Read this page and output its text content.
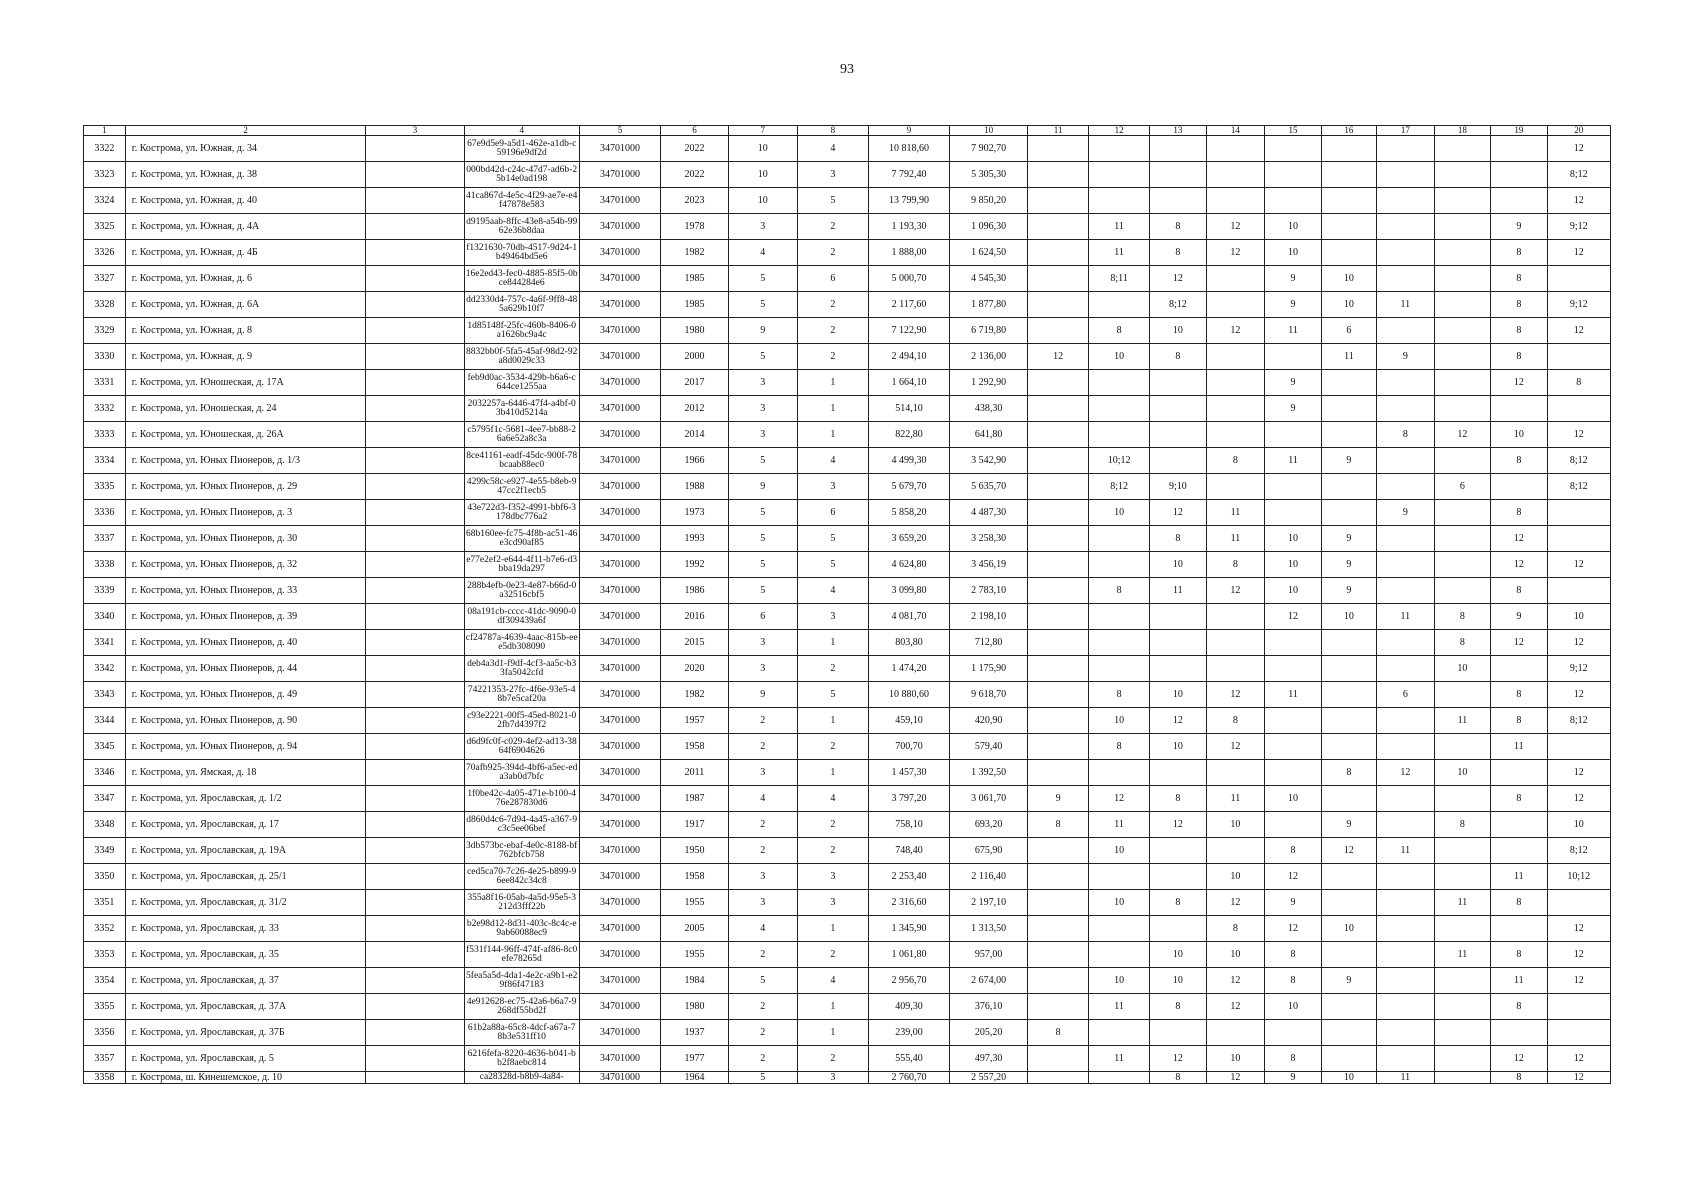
93
1	2	3	4	5	6	7	8	9	10	11	12	13	14	15	16	17	18	19	20
3322	г. Кострома, ул. Южная, д. 34		67e9d5e9-a5d1-462e-a1db-c59196e9df2d	34701000	2022	10	4	10 818,60	7 902,70										12
3323	г. Кострома, ул. Южная, д. 38		000bd42d-c24c-47d7-ad6b-25b14e0ad198	34701000	2022	10	3	7 792,40	5 305,30										8;12
3324	г. Кострома, ул. Южная, д. 40		41ca867d-4e5c-4f29-ae7e-e4f47878e583	34701000	2023	10	5	13 799,90	9 850,20										12
3325	г. Кострома, ул. Южная, д. 4А		d9195aab-8ffc-43e8-a54b-9962e36b8daa	34701000	1978	3	2	1 193,30	1 096,30		11	8	12	10				9	9;12
3326	г. Кострома, ул. Южная, д. 4Б		f1321630-70db-4517-9d24-1b49464bd5e6	34701000	1982	4	2	1 888,00	1 624,50		11	8	12	10				8	12
3327	г. Кострома, ул. Южная, д. 6		16e2ed43-fec0-4885-85f5-0bce844284e6	34701000	1985	5	6	5 000,70	4 545,30		8;11	12		9	10			8	
3328	г. Кострома, ул. Южная, д. 6А		dd2330d4-757c-4a6f-9ff8-485a629b10f7	34701000	1985	5	2	2 117,60	1 877,80			8;12		9	10	11		8	9;12
3329	г. Кострома, ул. Южная, д. 8		1d85148f-25fc-460b-8406-0a1626bc9a4c	34701000	1980	9	2	7 122,90	6 719,80		8	10	12	11	6			8	12
3330	г. Кострома, ул. Южная, д. 9		8832bb0f-5fa5-45af-98d2-92a8d0029c33	34701000	2000	5	2	2 494,10	2 136,00	12	10	8			11	9		8	
3331	г. Кострома, ул. Юношеская, д. 17А		feb9d0ac-3534-429b-b6a6-c644ce1255aa	34701000	2017	3	1	1 664,10	1 292,90					9				12	8
3332	г. Кострома, ул. Юношеская, д. 24		2032257a-6446-47f4-a4bf-03b410d5214a	34701000	2012	3	1	514,10	438,30					9					
3333	г. Кострома, ул. Юношеская, д. 26А		c5795f1c-5681-4ee7-bb88-26a6e52a8c3a	34701000	2014	3	1	822,80	641,80							8	12	10	12
3334	г. Кострома, ул. Юных Пионеров, д. 1/3		8ce41161-eadf-45dc-900f-78bcaab88ec0	34701000	1966	5	4	4 499,30	3 542,90		10;12		8	11	9			8	8;12
3335	г. Кострома, ул. Юных Пионеров, д. 29		4299c58c-e927-4e55-b8eb-947cc2f1ecb5	34701000	1988	9	3	5 679,70	5 635,70		8;12	9;10					6		8;12
3336	г. Кострома, ул. Юных Пионеров, д. 3		43e722d3-f352-4991-bbf6-3178dbc776a2	34701000	1973	5	6	5 858,20	4 487,30		10	12	11			9		8	
3337	г. Кострома, ул. Юных Пионеров, д. 30		68b160ee-fc75-4f8b-ac51-46e3cd90af85	34701000	1993	5	5	3 659,20	3 258,30			8	11	10	9			12	
3338	г. Кострома, ул. Юных Пионеров, д. 32		e77e2ef2-e644-4f11-b7e6-d3bba19da297	34701000	1992	5	5	4 624,80	3 456,19			10	8	10	9			12	12
3339	г. Кострома, ул. Юных Пионеров, д. 33		288b4efb-0e23-4e87-b66d-0a32516cbf5	34701000	1986	5	4	3 099,80	2 783,10		8	11	12	10	9			8	
3340	г. Кострома, ул. Юных Пионеров, д. 39		08a191cb-cccc-41dc-9090-0df309439a6f	34701000	2016	6	3	4 081,70	2 198,10					12	10	11	8	9	10
3341	г. Кострома, ул. Юных Пионеров, д. 40		cf24787a-4639-4aac-815b-eee5db308090	34701000	2015	3	1	803,80	712,80								8	12	12
3342	г. Кострома, ул. Юных Пионеров, д. 44		deb4a3d1-f9df-4cf3-aa5c-b33fa5042cfd	34701000	2020	3	2	1 474,20	1 175,90								10		9;12
3343	г. Кострома, ул. Юных Пионеров, д. 49		74221353-27fc-4f6e-93e5-48b7e5caf20a	34701000	1982	9	5	10 880,60	9 618,70		8	10	12	11		6		8	12
3344	г. Кострома, ул. Юных Пионеров, д. 90		c93e2221-00f5-45ed-8021-02fb7d4397f2	34701000	1957	2	1	459,10	420,90		10	12	8				11	8	8;12
3345	г. Кострома, ул. Юных Пионеров, д. 94		d6d9fc0f-c029-4ef2-ad13-3864f6904626	34701000	1958	2	2	700,70	579,40		8	10	12					11	
3346	г. Кострома, ул. Ямская, д. 18		70afb925-394d-4bf6-a5ec-eda3ab0d7bfc	34701000	2011	3	1	1 457,30	1 392,50						8	12	10		12
3347	г. Кострома, ул. Ярославская, д. 1/2		1f0be42c-4a05-471e-b100-476e287830d6	34701000	1987	4	4	3 797,20	3 061,70	9	12	8	11	10				8	12
3348	г. Кострома, ул. Ярославская, д. 17		d860d4c6-7d94-4a45-a367-9c3c5ee06bef	34701000	1917	2	2	758,10	693,20	8	11	12	10		9		8		10
3349	г. Кострома, ул. Ярославская, д. 19А		3db573bc-ebaf-4e0c-8188-bf762bfcb758	34701000	1950	2	2	748,40	675,90		10			8	12	11			8;12
3350	г. Кострома, ул. Ярославская, д. 25/1		ced5ca70-7c26-4e25-b899-96ee842c34c8	34701000	1958	3	3	2 253,40	2 116,40				10	12				11	10;12
3351	г. Кострома, ул. Ярославская, д. 31/2		355a8f16-05ab-4a5d-95e5-3212d3fff22b	34701000	1955	3	3	2 316,60	2 197,10		10	8	12	9			11	8	
3352	г. Кострома, ул. Ярославская, д. 33		b2e98d12-8d31-403c-8c4c-e9ab60088ec9	34701000	2005	4	1	1 345,90	1 313,50				8	12	10				12
3353	г. Кострома, ул. Ярославская, д. 35		f531f144-96ff-474f-af86-8c0efe78265d	34701000	1955	2	2	1 061,80	957,00			10	10	8			11	8	12
3354	г. Кострома, ул. Ярославская, д. 37		5fea5a5d-4da1-4e2c-a9b1-e29f86f47183	34701000	1984	5	4	2 956,70	2 674,00		10	10	12	8	9			11	12
3355	г. Кострома, ул. Ярославская, д. 37А		4e912628-ec75-42a6-b6a7-9268df55bd2f	34701000	1980	2	1	409,30	376,10		11	8	12	10				8	
3356	г. Кострома, ул. Ярославская, д. 37Б		61b2a88a-65c8-4dcf-a67a-78b3e531ff10	34701000	1937	2	1	239,00	205,20	8									
3357	г. Кострома, ул. Ярославская, д. 5		6216fefa-8220-4636-b041-bb2f8aebc814	34701000	1977	2	2	555,40	497,30		11	12	10	8				12	12
3358	г. Кострома, ш. Кинешемское, д. 10		ca28328d-b8b9-4a84-	34701000	1964	5	3	2 760,70	2 557,20			8	12	9	10	11		8	12
